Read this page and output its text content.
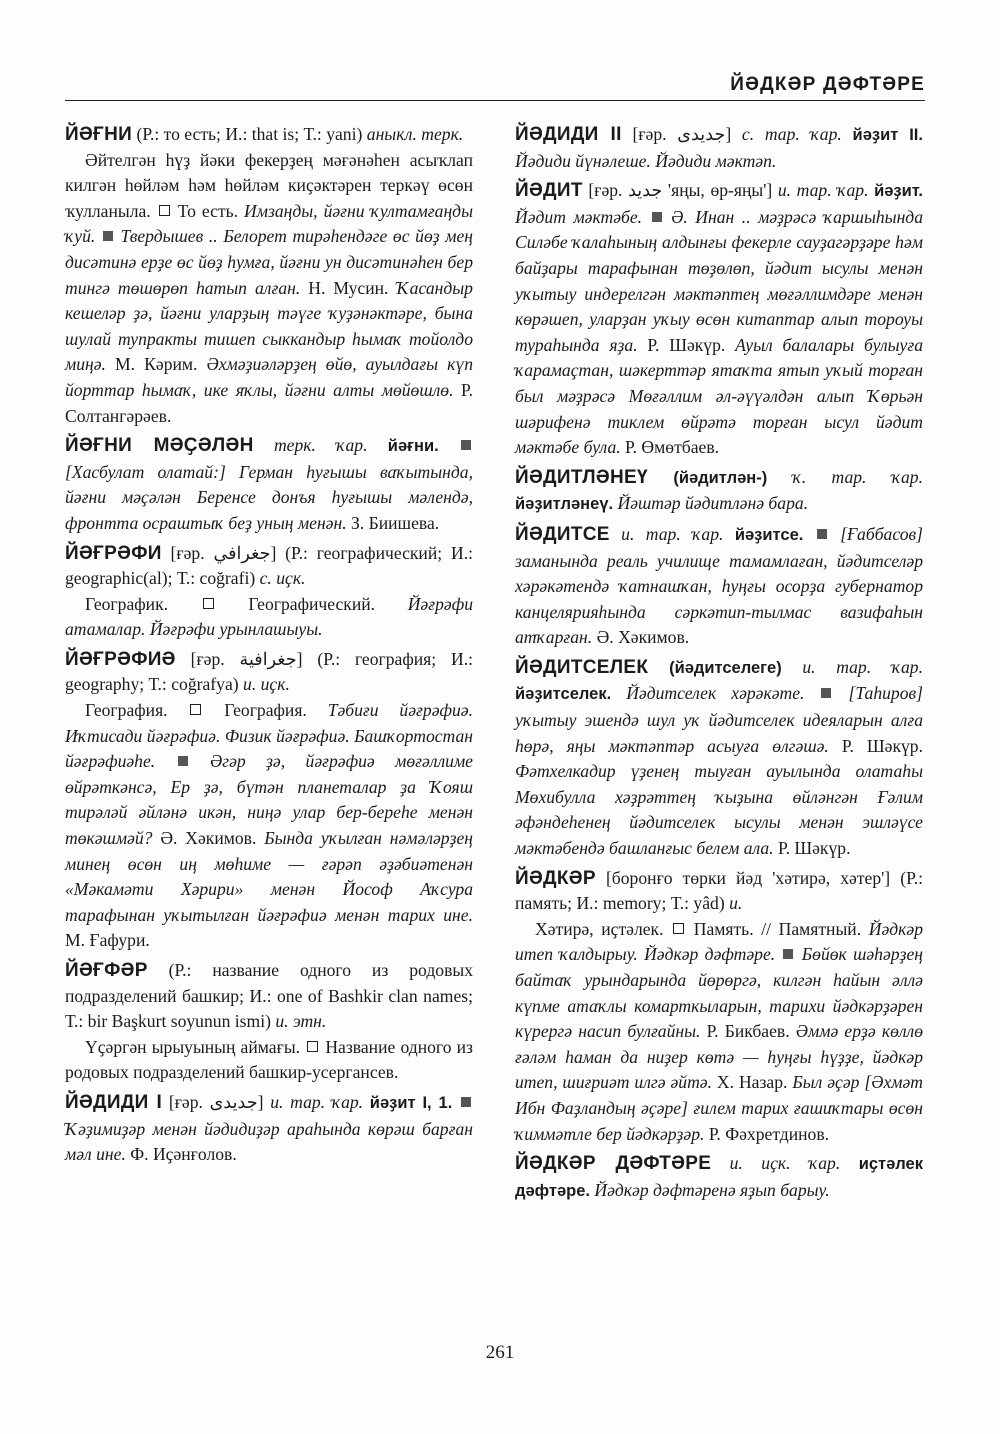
ЙӘДКӘР ДӘФТӘРЕ

ЙӘҒНИ (Р.: то есть; И.: that is; Т.: yani) аныкл. терк.

Әйтелгән һүҙ йәки фекерҙең мәғәнәһен асыҡлап килгән һөйләм һәм һөйләм киҫәктәрен теркәү өсөн ҡулланыла.  То есть. Имзаңды, йәғни ҡултамғаңды ҡуй.  Твердышев .. Белорет тирәһендәге өс йөҙ мең дисәтинә ерҙе өс йөҙ һумға, йәғни ун дисәтинәһен бер тингә төшөрөп һатып алған. Н. Мусин. Ҡасандыр кешеләр ҙә, йәғни уларҙың тәүге ҡуҙәнәктәре, бына шулай тупракты тишеп сыккандыр һымаҡ тойолдо миңә. М. Кәрим. Әхмәҙиәләрҙең өйө, ауылдағы күп йорттар һымаҡ, ике яҡлы, йәғни алты мөйөшлө. Р. Солтангәрәев.

ЙӘҒНИ МӘҪӘЛӘН терк. ҡар. йәғни.  [Хасбулат олатай:] Герман һуғышы ваҡытында, йәғни мәҫәлән Беренсе донъя һуғышы мәлендә, фронтта осраштыҡ беҙ уның менән. З. Биишева.

ЙӘҒРӘФИ [ғәр. جغرافي] (Р.: географический; И.: geographic(al); Т.: coğrafi) с. иҫк.

Географик.  Географический. Йәғрәфи атамалар. Йәғрәфи урынлашыуы.

ЙӘҒРӘФИӘ [ғәр. جغرافية] (Р.: география; И.: geography; Т.: coğrafya) и. иҫк.

География.  География. Тәбиғи йәғрәфиә. Иҡтисади йәғрәфиә. Физик йәғрәфиә. Башҡортостан йәғрәфиәһе.  Әгәр ҙә, йәғрәфиә мөғәллиме өйрәткәнсә, Ер ҙә, бүтән планеталар ҙа Ҡояш тирәләй әйләнә икән, ниңә улар бер-береһе менән төкәшмәй? Ә. Хәкимов. Бында уҡылған нәмәләрҙең минең өсөн иң мөһиме — ғәрәп әҙәбиәтенән «Мәкамәти Хәрири» менән Йософ Аҡсура тарафынан уҡытылған йәғрәфиә менән тарих ине. М. Ғафури.

ЙӘҒФӘР (Р.: название одного из родовых подразделений башкир; И.: one of Bashkir clan names; Т.: bir Başkurt soyunun ismi) и. этн.

Үҫәргән ырыуының аймағы.  Название одного из родовых подразделений башкир-усергансев.

ЙӘДИДИ I [ғәр. جديدى] и. тар. ҡар. йәҙит I, 1.  Ҡәҙимиҙәр менән йәдидиҙәр араһында көрәш барған мәл ине. Ф. Иҫәнғолов.

ЙӘДИДИ II [ғәр. جديدى] с. тар. ҡар. йәҙит II. Йәдиди йүнәлеше. Йәдиди мәктәп.

ЙӘДИТ [ғәр. جديد 'яңы, өр-яңы'] и. тар. ҡар. йәҙит. Йәдит мәктәбе.  Ә. Инан .. мәҙрәсә ҡаршыһында Силәбе ҡалаһының алдынғы фекерле сауҙагәрҙәре һәм байҙары тарафынан төҙөлөп, йәдит ысулы менән уҡытыу индерелгән мәктәптең мөғәллимдәре менән көрәшеп, уларҙан уҡыу өсөн китаптар алып тороуы тураһында яҙа. Р. Шәкүр. Ауыл балалары булыуға ҡарамаҫтан, шәкерттәр ятаҡта ятып уҡый торған был мәҙрәсә Мөғәллим әл-әүүәлдән алып Ҡөрьән шәрифенә тиклем өйрәтә торған ысул йәдит мәктәбе була. Р. Өмөтбаев.

ЙӘДИТЛӘНЕҮ (йәдитлән-) ҡ. тар. ҡар. йәҙитләнеү. Йәштәр йәдитләнә бара.

ЙӘДИТСЕ и. тар. ҡар. йәҙитсе.  [Ғаббасов] заманында реаль училище тамамлаған, йәдитселәр хәрәкәтендә ҡатнашҡан, һуңғы осорҙа губернатор канцелярияһында сәркәтип-тылмас вазифаһын атҡарған. Ә. Хәкимов.

ЙӘДИТСЕЛЕК (йәдитселеге) и. тар. ҡар. йәҙитселек. Йәдитселек хәрәкәте.  [Таһиров] уҡытыу эшендә шул уҡ йәдитселек идеяларын алға һөрә, яңы мәктәптәр асыуға өлгәшә. Р. Шәкүр. Фәтхелкадир үҙенең тыуған ауылында олатаһы Мөхибулла хәҙрәттең ҡыҙына өйләнгән Ғәлим әфәндеһенең йәдитселек ысулы менән эшләүсе мәктәбендә башланғыс белем ала. Р. Шәкүр.

ЙӘДКӘР [боронғо төрки йәд 'хәтирә, хәтер'] (Р.: память; И.: memory; Т.: yâd) и.

Хәтирә, иҫтәлек.  Память. // Памятный. Йәдкәр итеп ҡалдырыу. Йәдкәр дәфтәре.  Бөйөк шәһәрҙең байтаҡ урындарында йөрөргә, килгән һайын әллә күпме атаҡлы комарткыларын, тарихи йәдкәрҙәрен күрергә насип булғайны. Р. Бикбаев. Әммә ерҙә көллө ғәләм һаман да ниҙер көтә — һуңғы һүҙҙе, йәдкәр итеп, шиғриәт илгә әйтә. Х. Назар. Был әҫәр [Әхмәт Ибн Фаҙландың әҫәре] ғилем тарих ғашиҡтары өсөн ҡиммәтле бер йәдкәрҙәр. Р. Фәхретдинов.

ЙӘДКӘР ДӘФТӘРЕ и. иҫк. ҡар. иҫтәлек дәфтәре. Йәдкәр дәфтәренә яҙып барыу.

261
